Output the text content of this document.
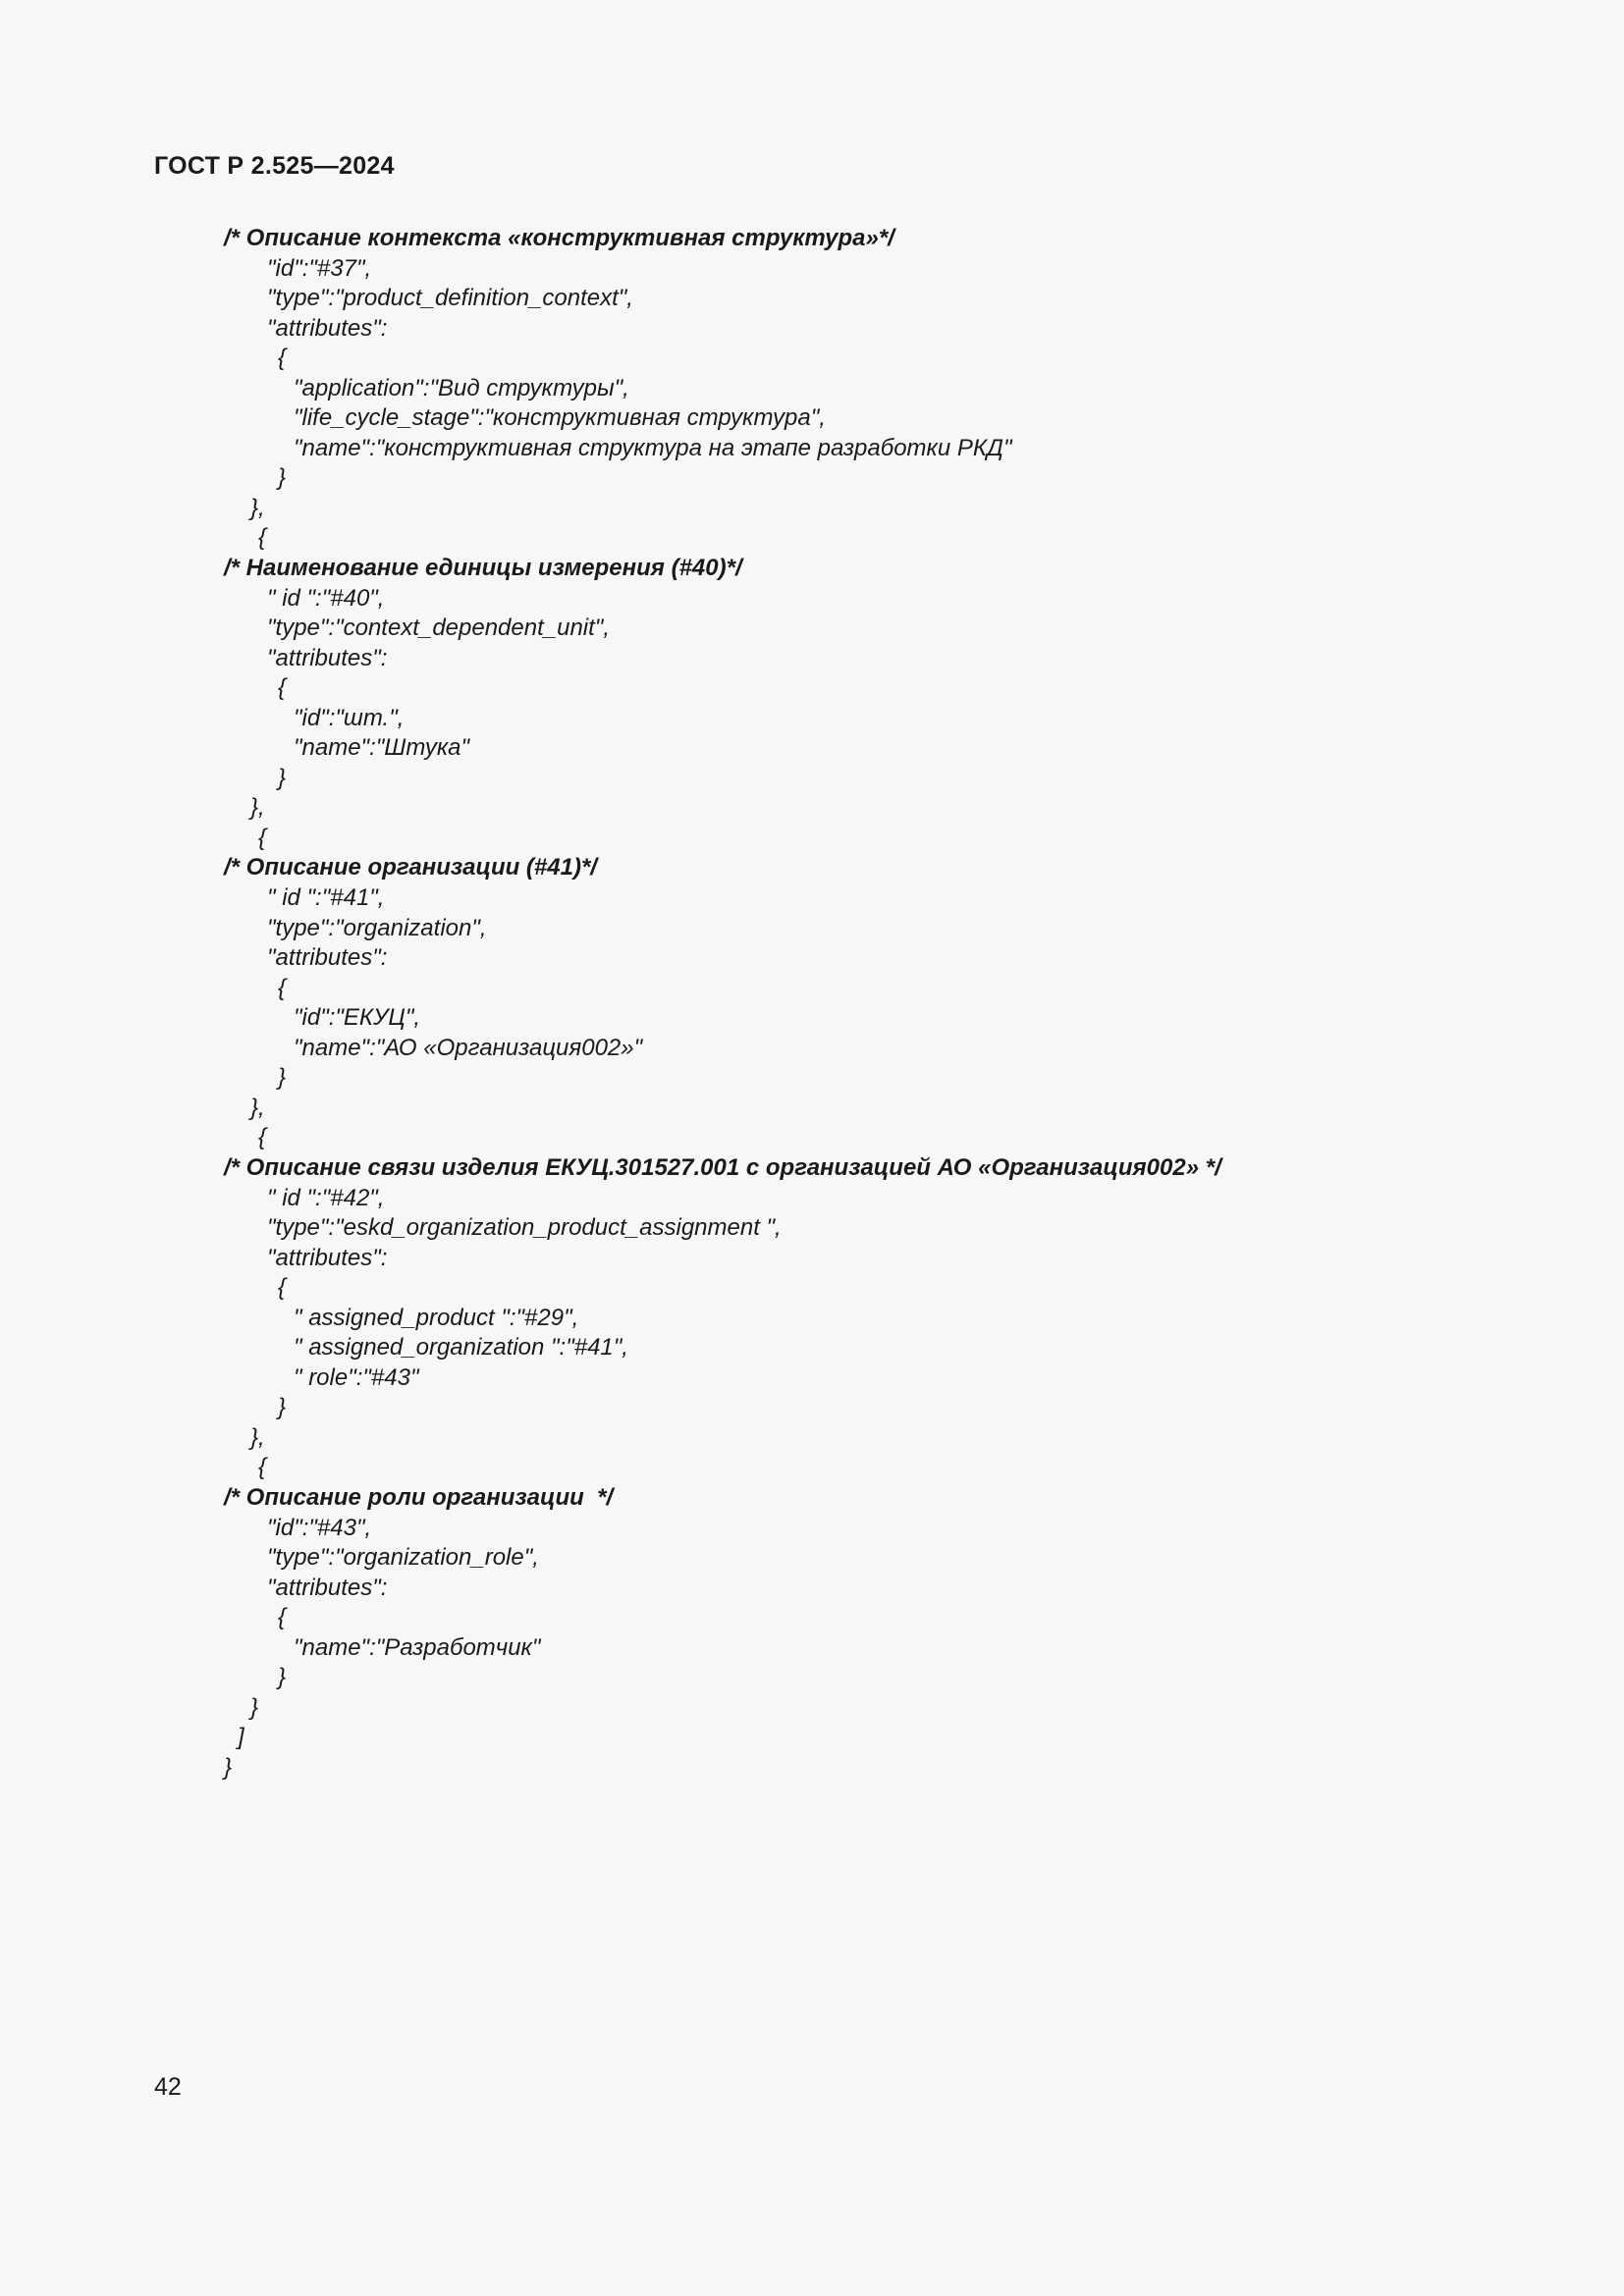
ГОСТ Р 2.525—2024
/* Описание контекста «конструктивная структура»*/
"id":"#37",
"type":"product_definition_context",
"attributes":
{
"application":"Вид структуры",
"life_cycle_stage":"конструктивная структура",
"name":"конструктивная структура на этапе разработки РКД"
}
},
{
/* Наименование единицы измерения (#40)*/
" id ":"#40",
"type":"context_dependent_unit",
"attributes":
{
"id":"шт.",
"name":"Штука"
}
},
{
/* Описание организации (#41)*/
" id ":"#41",
"type":"organization",
"attributes":
{
"id":"ЕКУЦ",
"name":"АО «Организация002»"
}
},
{
/* Описание связи изделия ЕКУЦ.301527.001 с организацией АО «Организация002» */
" id ":"#42",
"type":"eskd_organization_product_assignment ",
"attributes":
{
" assigned_product ":"#29",
" assigned_organization ":"#41",
" role":"#43"
}
},
{
/* Описание роли организации  */
"id":"#43",
"type":"organization_role",
"attributes":
{
"name":"Разработчик"
}
}
]
}
42
